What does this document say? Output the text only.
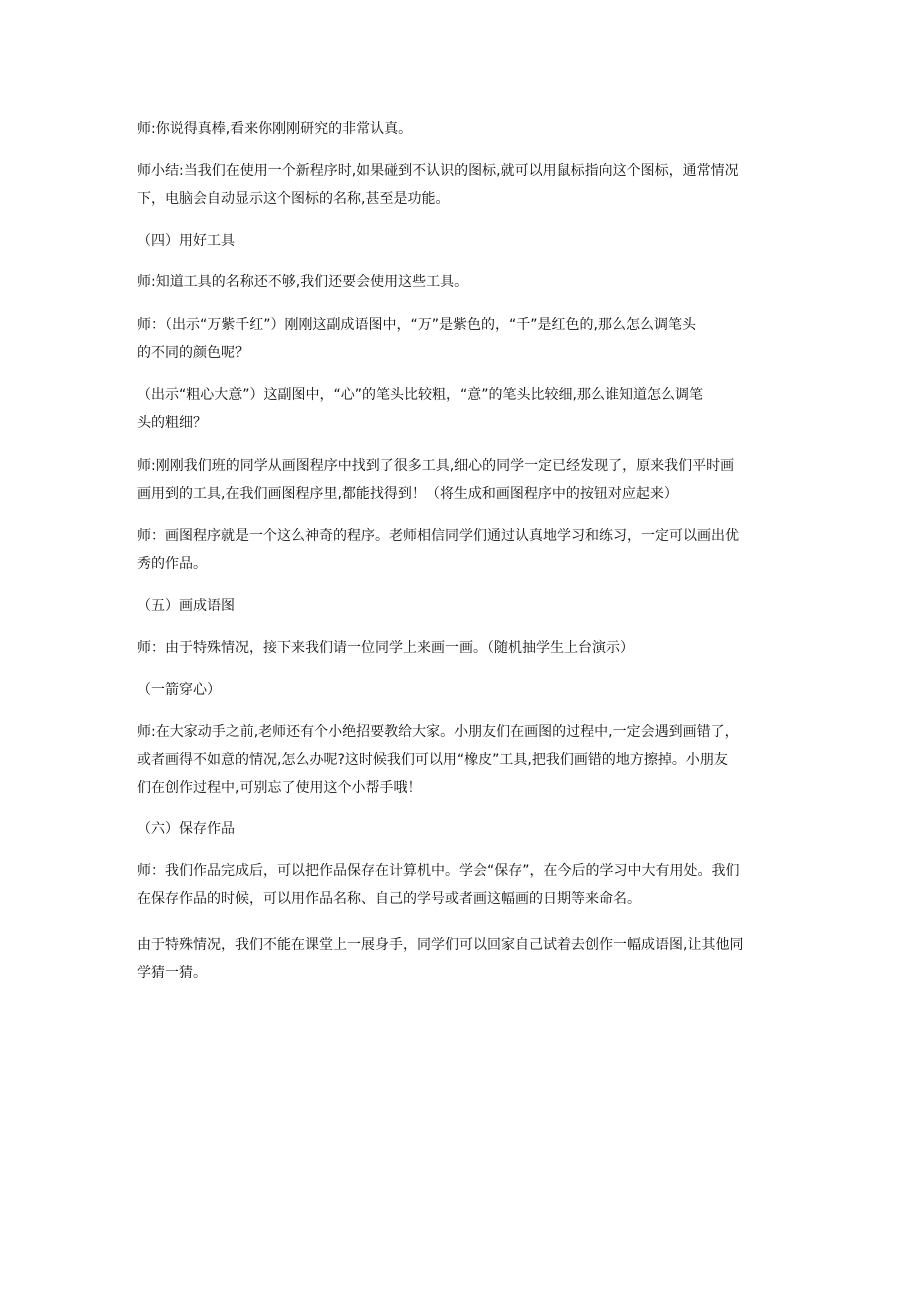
师:你说得真棒,看来你刚刚研究的非常认真。

师小结:当我们在使用一个新程序时,如果碰到不认识的图标,就可以用鼠标指向这个图标，通常情况
下，电脑会自动显示这个图标的名称,甚至是功能。

（四）用好工具

师:知道工具的名称还不够,我们还要会使用这些工具。

师：（出示“万紫千红”）刚刚这副成语图中，“万”是紫色的，“千”是红色的,那么怎么调笔头
的不同的颜色呢？

（出示“粗心大意”）这副图中，“心”的笔头比较粗，“意”的笔头比较细,那么谁知道怎么调笔
头的粗细？

师:刚刚我们班的同学从画图程序中找到了很多工具,细心的同学一定已经发现了，原来我们平时画
画用到的工具,在我们画图程序里,都能找得到！（将生成和画图程序中的按钮对应起来）

师：画图程序就是一个这么神奇的程序。老师相信同学们通过认真地学习和练习，一定可以画出优
秀的作品。

（五）画成语图

师：由于特殊情况，接下来我们请一位同学上来画一画。（随机抽学生上台演示）

（一箭穿心）

师:在大家动手之前,老师还有个小绝招要教给大家。小朋友们在画图的过程中,一定会遇到画错了，
或者画得不如意的情况,怎么办呢?这时候我们可以用“橡皮”工具,把我们画错的地方擦掉。小朋友
们在创作过程中,可别忘了使用这个小帮手哦！

（六）保存作品

师：我们作品完成后，可以把作品保存在计算机中。学会“保存”，在今后的学习中大有用处。我们
在保存作品的时候，可以用作品名称、自己的学号或者画这幅画的日期等来命名。

由于特殊情况，我们不能在课堂上一展身手，同学们可以回家自己试着去创作一幅成语图,让其他同
学猜一猜。
